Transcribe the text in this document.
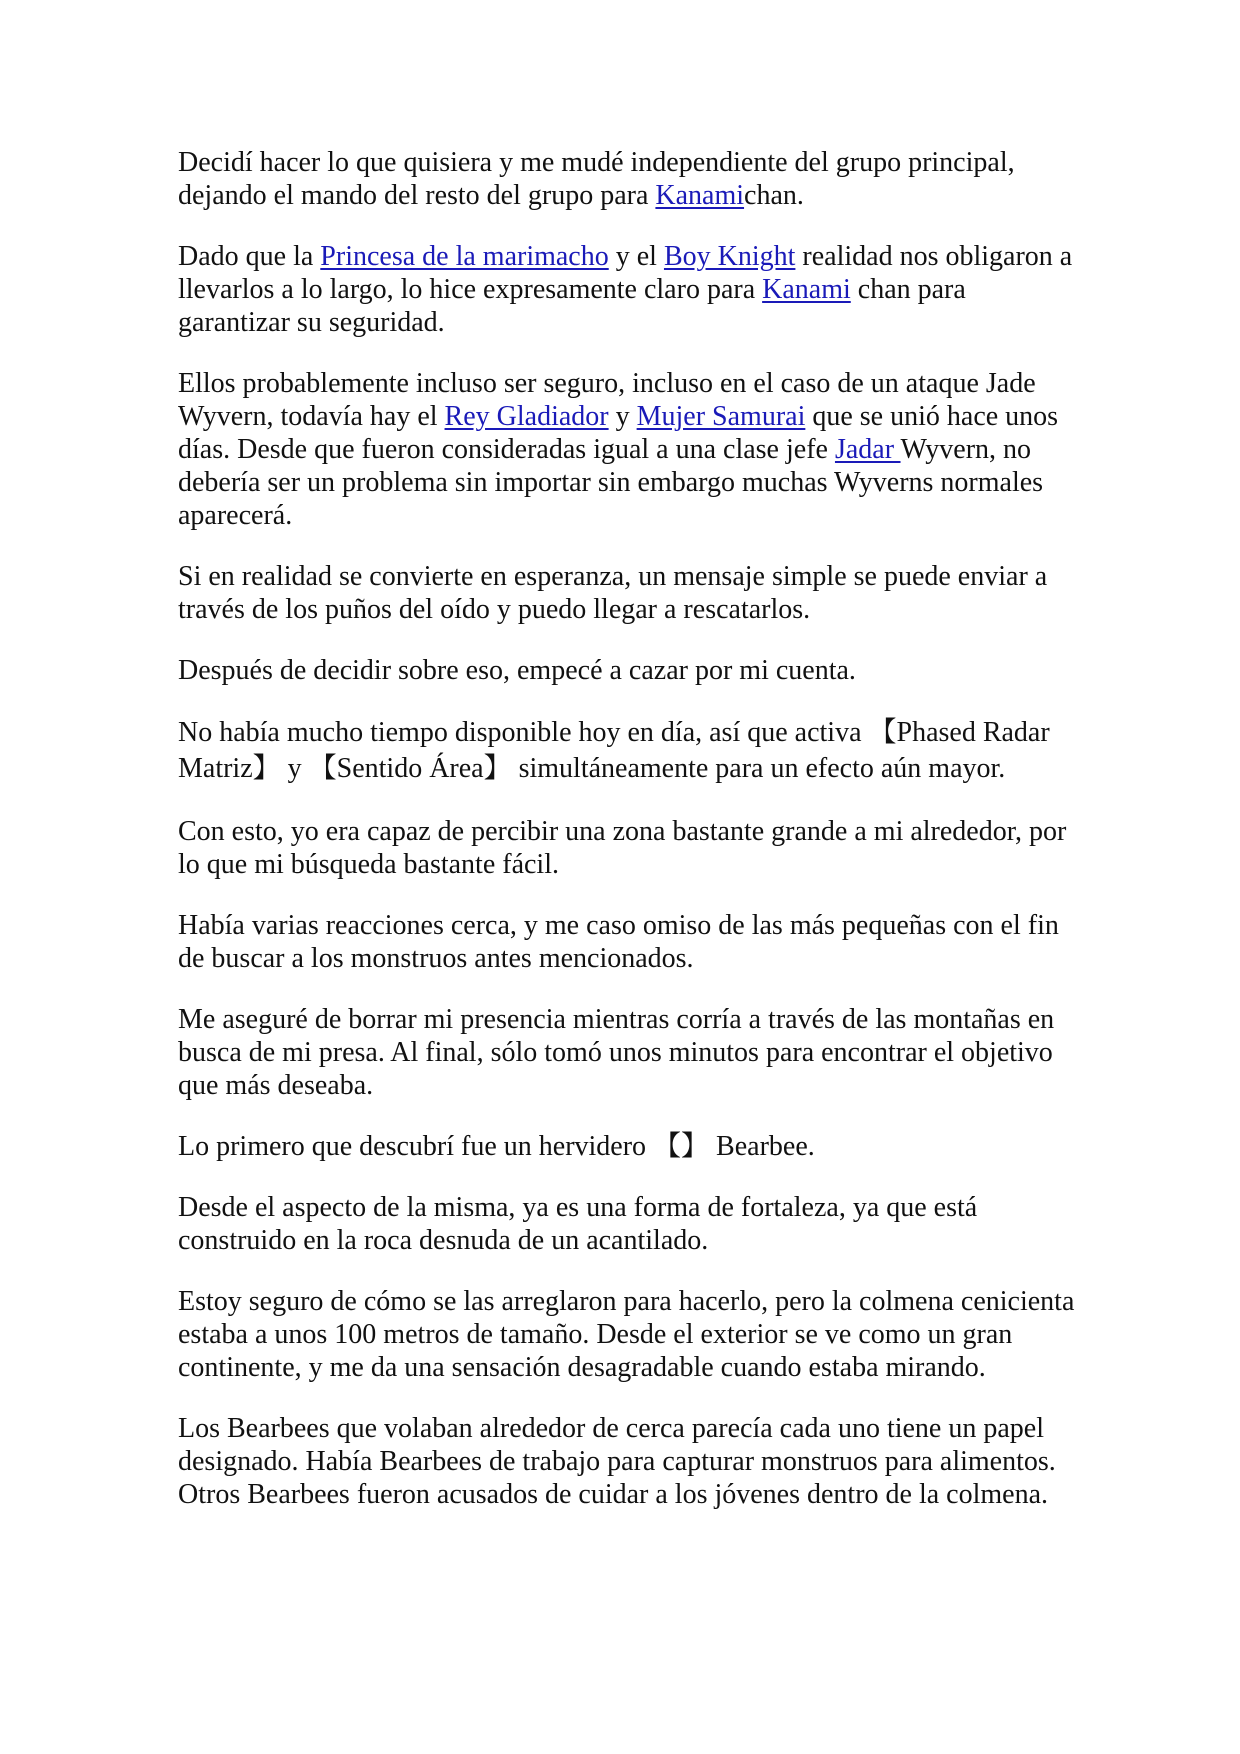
Decidí hacer lo que quisiera y me mudé independiente del grupo principal, dejando el mando del resto del grupo para Kanamichan.

Dado que la Princesa de la marimacho y el Boy Knight realidad nos obligaron a llevarlos a lo largo, lo hice expresamente claro para Kanami chan para garantizar su seguridad.

Ellos probablemente incluso ser seguro, incluso en el caso de un ataque Jade Wyvern, todavía hay el Rey Gladiador y Mujer Samurai que se unió hace unos días. Desde que fueron consideradas igual a una clase jefe Jadar Wyvern, no debería ser un problema sin importar sin embargo muchas Wyverns normales aparecerá.

Si en realidad se convierte en esperanza, un mensaje simple se puede enviar a través de los puños del oído y puedo llegar a rescatarlos.

Después de decidir sobre eso, empecé a cazar por mi cuenta.

No había mucho tiempo disponible hoy en día, así que activa 【Phased Radar Matriz】 y 【Sentido Área】 simultáneamente para un efecto aún mayor.

Con esto, yo era capaz de percibir una zona bastante grande a mi alrededor, por lo que mi búsqueda bastante fácil.

Había varias reacciones cerca, y me caso omiso de las más pequeñas con el fin de buscar a los monstruos antes mencionados.

Me aseguré de borrar mi presencia mientras corría a través de las montañas en busca de mi presa. Al final, sólo tomó unos minutos para encontrar el objetivo que más deseaba.

Lo primero que descubrí fue un hervidero 【】 Bearbee.

Desde el aspecto de la misma, ya es una forma de fortaleza, ya que está construido en la roca desnuda de un acantilado.

Estoy seguro de cómo se las arreglaron para hacerlo, pero la colmena cenicienta estaba a unos 100 metros de tamaño. Desde el exterior se ve como un gran continente, y me da una sensación desagradable cuando estaba mirando.

Los Bearbees que volaban alrededor de cerca parecía cada uno tiene un papel designado. Había Bearbees de trabajo para capturar monstruos para alimentos. Otros Bearbees fueron acusados de cuidar a los jóvenes dentro de la colmena.
